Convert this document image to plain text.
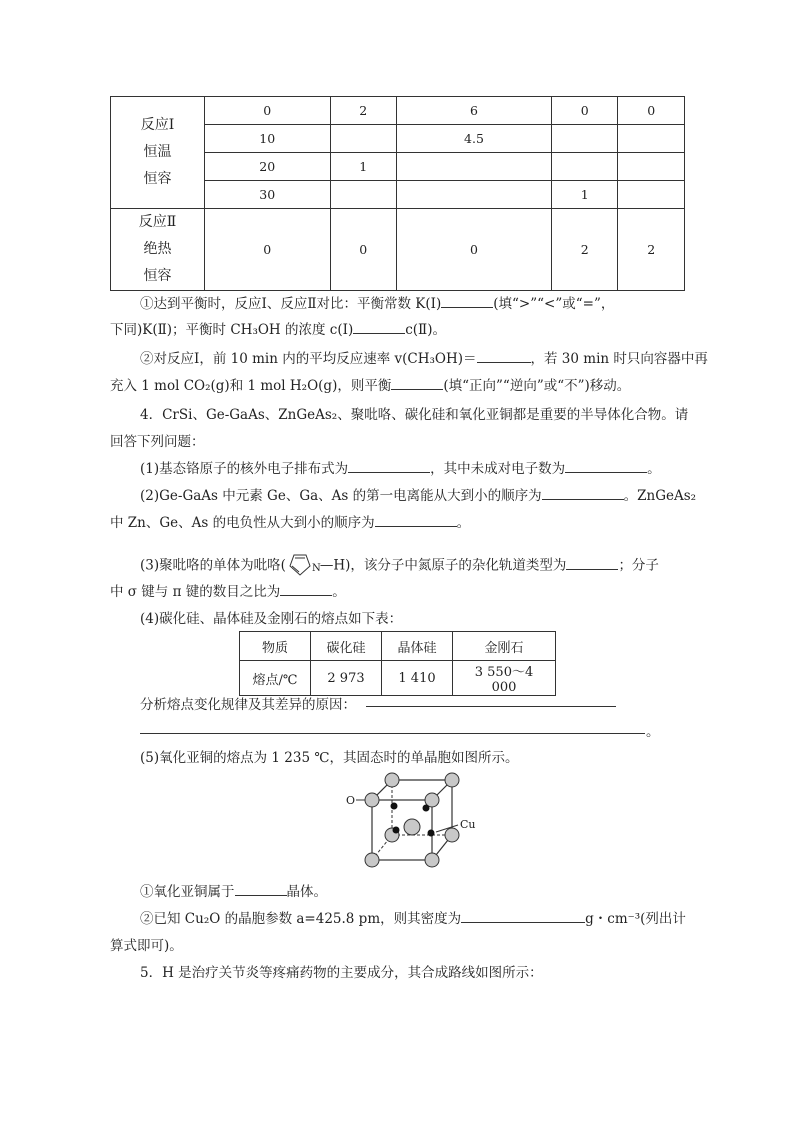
反应Ⅰ
恒温
恒容	0	2	6	0	0
	10		4.5		
	20	1			
	30			1	

反应Ⅱ
绝热
恒容	0	0	0	2	2
①达到平衡时，反应Ⅰ、反应Ⅱ对比：平衡常数 K(Ⅰ)	(填“>”“<”或“=”，
下同)K(Ⅱ)；平衡时 CH₃OH 的浓度 c(Ⅰ)	c(Ⅱ)。
②对反应Ⅰ，前 10 min 内的平均反应速率 v(CH₃OH)＝	，若 30 min 时只向容器中再
充入 1 mol CO₂(g)和 1 mol H₂O(g)，则平衡	(填“正向”“逆向”或“不”)移动。
4．CrSi、Ge-GaAs、ZnGeAs₂、聚吡咯、碳化硅和氧化亚铜都是重要的半导体化合物。请
回答下列问题：
(1)基态铬原子的核外电子排布式为	，其中未成对电子数为	。
(2)Ge-GaAs 中元素 Ge、Ga、As 的第一电离能从大到小的顺序为	。ZnGeAs₂
中 Zn、Ge、As 的电负性从大到小的顺序为	。
(3)聚吡咯的单体为吡咯(	N —H)，该分子中氮原子的杂化轨道类型为	；分子
中 σ 键与 π 键的数目之比为	。
(4)碳化硅、晶体硅及金刚石的熔点如下表：
物质	碳化硅	晶体硅	金刚石
熔点/℃	2 973	1 410	3 550～4 000
分析熔点变化规律及其差异的原因：
。
(5)氧化亚铜的熔点为 1 235 ℃，其固态时的单晶胞如图所示。
O
Cu
①氧化亚铜属于	晶体。
②已知 Cu₂O 的晶胞参数 a=425.8 pm，则其密度为	g・cm⁻³(列出计
算式即可)。
5．H 是治疗关节炎等疼痛药物的主要成分，其合成路线如图所示：
